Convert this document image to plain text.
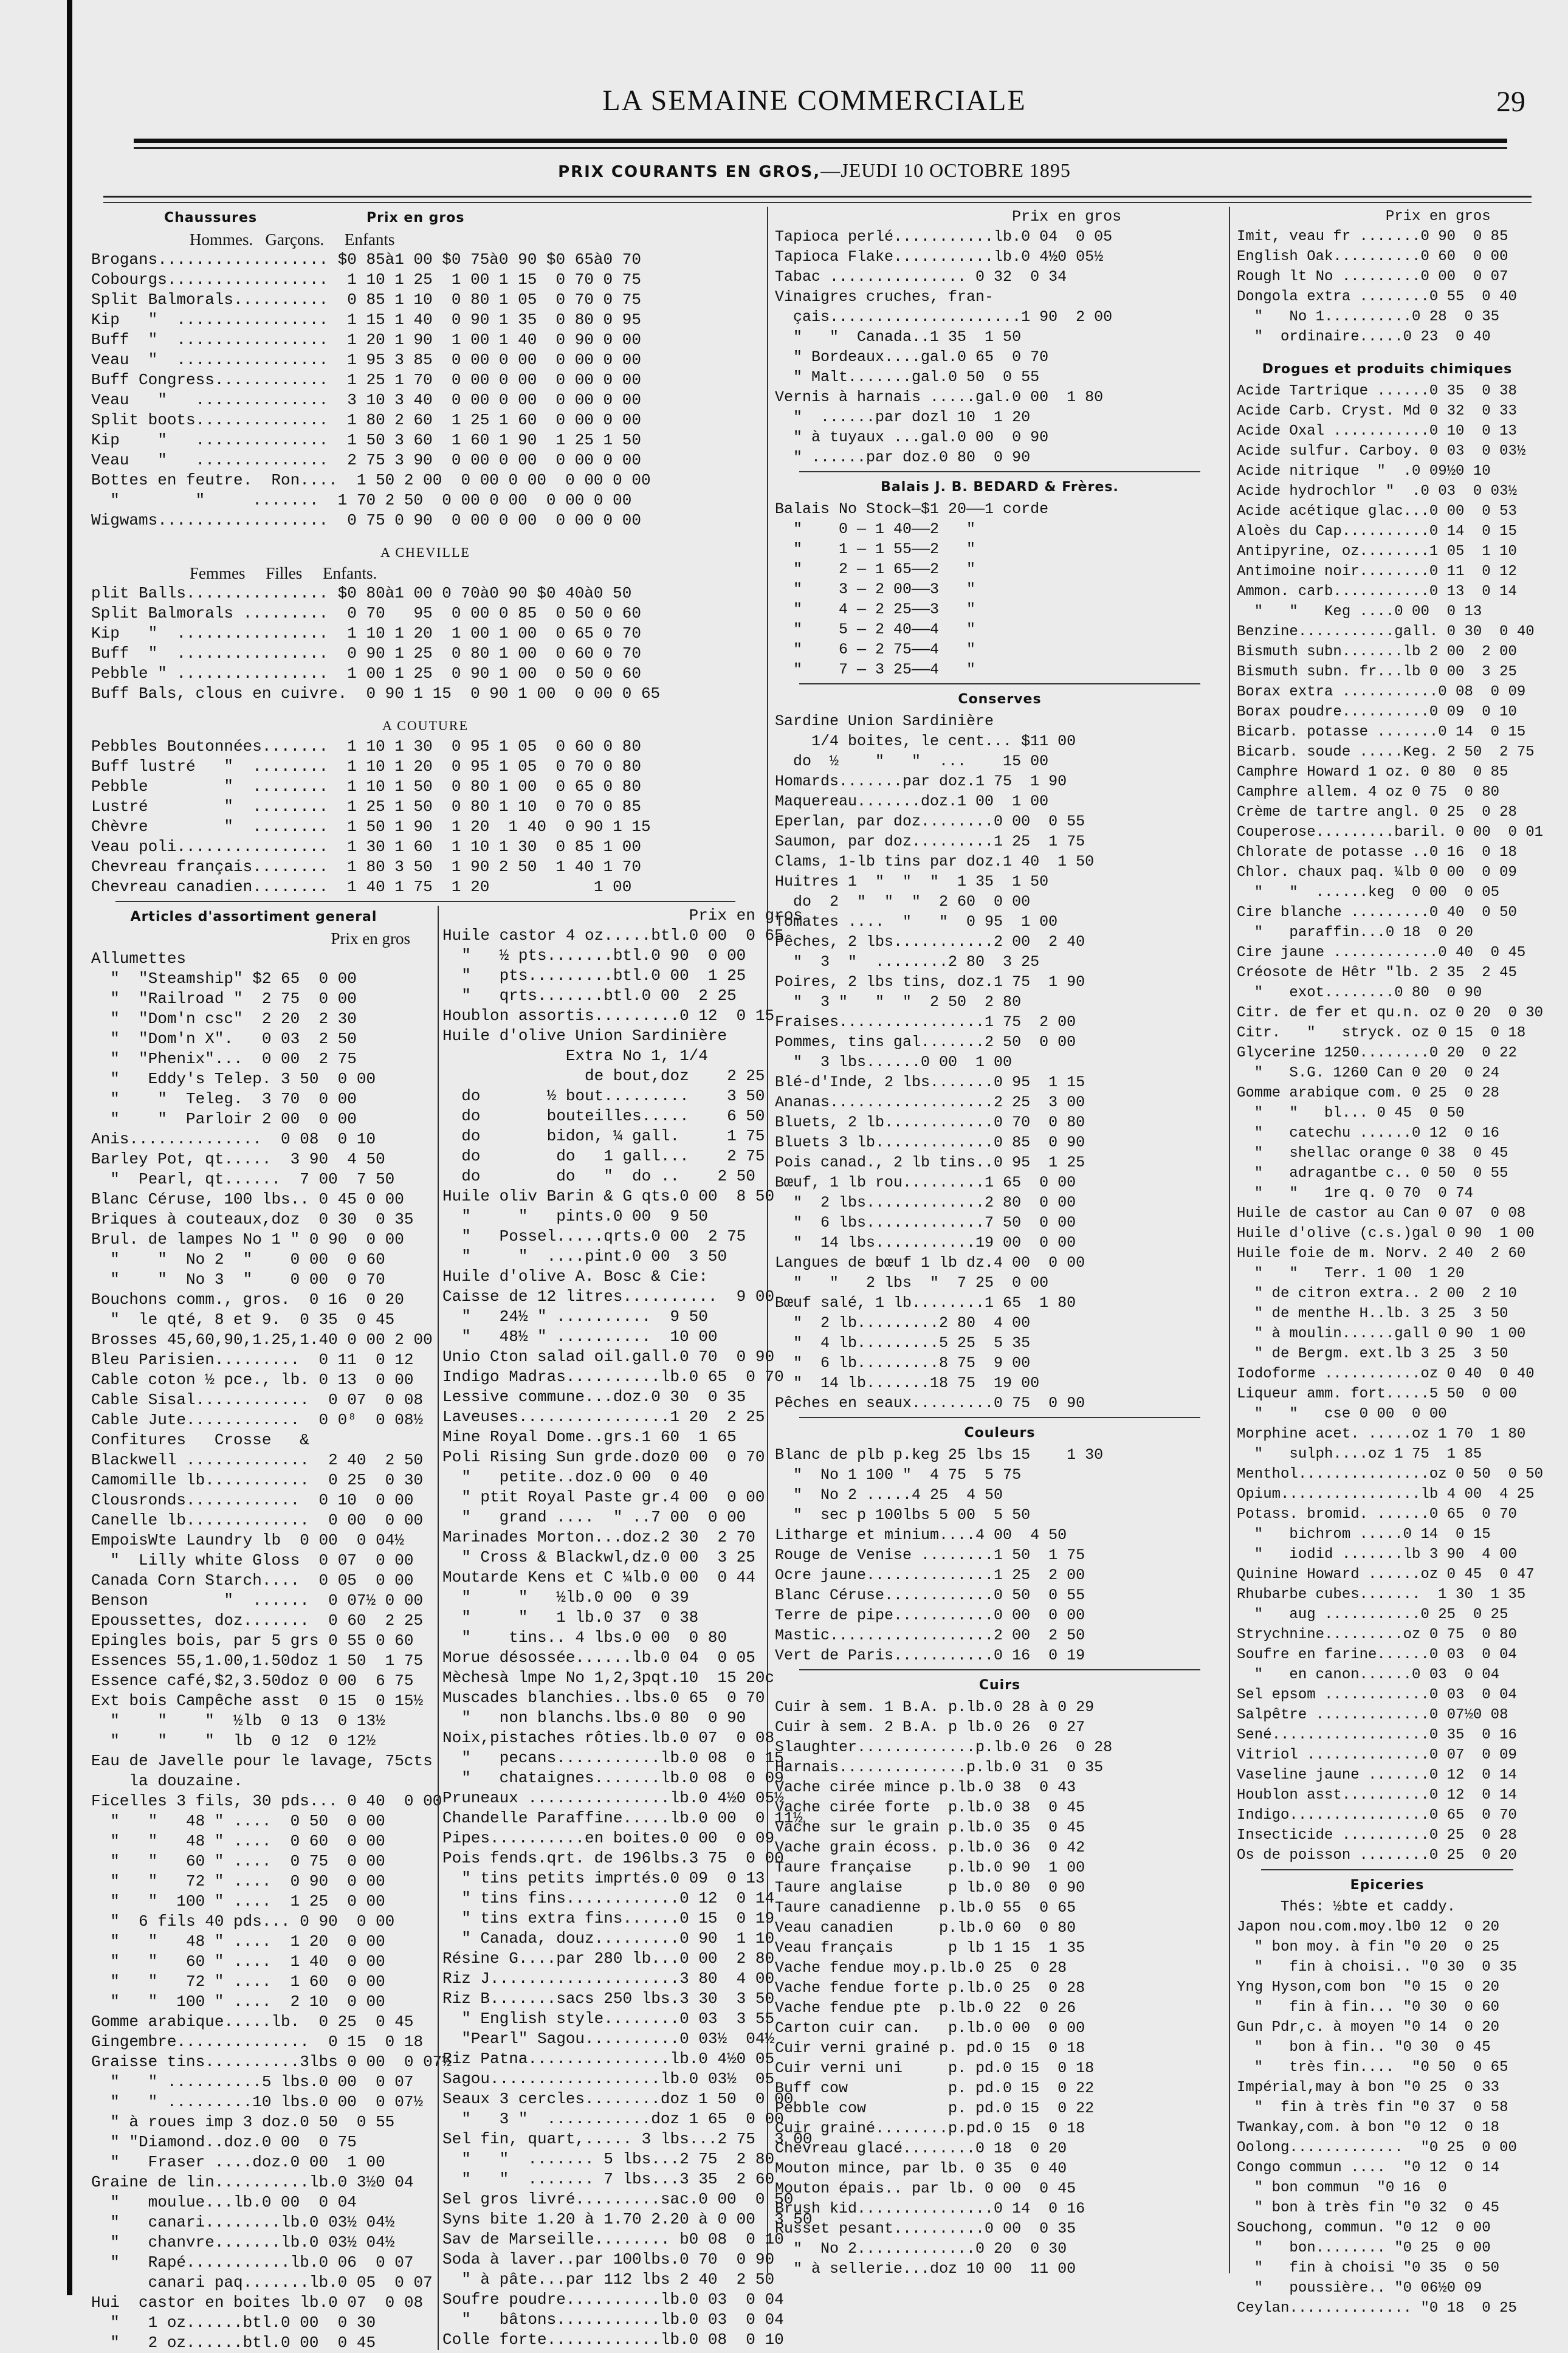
LA SEMAINE COMMERCIALE	29
PRIX COURANTS EN GROS,—JEUDI 10 OCTOBRE 1895
Chaussures	Prix en gros
Hommes.   Garçons.     Enfants
Brogans.................. $0 85à1 00 $0 75à0 90 $0 65à0 70
Cobourgs.................  1 10 1 25  1 00 1 15  0 70 0 75
Split Balmorals..........  0 85 1 10  0 80 1 05  0 70 0 75
Kip   "  ................  1 15 1 40  0 90 1 35  0 80 0 95
Buff  "  ................  1 20 1 90  1 00 1 40  0 90 0 00
Veau  "  ................  1 95 3 85  0 00 0 00  0 00 0 00
Buff Congress............  1 25 1 70  0 00 0 00  0 00 0 00
Veau   "   ..............  3 10 3 40  0 00 0 00  0 00 0 00
Split boots..............  1 80 2 60  1 25 1 60  0 00 0 00
Kip    "   ..............  1 50 3 60  1 60 1 90  1 25 1 50
Veau   "   ..............  2 75 3 90  0 00 0 00  0 00 0 00
Bottes en feutre.  Ron....  1 50 2 00  0 00 0 00  0 00 0 00
"        "     .......  1 70 2 50  0 00 0 00  0 00 0 00
Wigwams..................  0 75 0 90  0 00 0 00  0 00 0 00
A CHEVILLE
Femmes     Filles     Enfants.
plit Balls............... $0 80à1 00 0 70à0 90 $0 40à0 50
Split Balmorals .........  0 70   95  0 00 0 85  0 50 0 60
Kip   "  ................  1 10 1 20  1 00 1 00  0 65 0 70
Buff  "  ................  0 90 1 25  0 80 1 00  0 60 0 70
Pebble " ................  1 00 1 25  0 90 1 00  0 50 0 60
Buff Bals, clous en cuivre.  0 90 1 15  0 90 1 00  0 00 0 65
A COUTURE
Pebbles Boutonnées.......  1 10 1 30  0 95 1 05  0 60 0 80
Buff lustré   "  ........  1 10 1 20  0 95 1 05  0 70 0 80
Pebble        "  ........  1 10 1 50  0 80 1 00  0 65 0 80
Lustré        "  ........  1 25 1 50  0 80 1 10  0 70 0 85
Chèvre        "  ........  1 50 1 90  1 20  1 40  0 90 1 15
Veau poli................  1 30 1 60  1 10 1 30  0 85 1 00
Chevreau français........  1 80 3 50  1 90 2 50  1 40 1 70
Chevreau canadien........  1 40 1 75  1 20           1 00
Articles d'assortiment general
Prix en gros
Allumettes
"  "Steamship" $2 65  0 00
"  "Railroad "  2 75  0 00
"  "Dom'n csc"  2 20  2 30
"  "Dom'n X".   0 03  2 50
"  "Phenix"...  0 00  2 75
"   Eddy's Telep. 3 50  0 00
"    "  Teleg.  3 70  0 00
"    "  Parloir 2 00  0 00
Anis..............  0 08  0 10
Barley Pot, qt.....  3 90  4 50
"  Pearl, qt......  7 00  7 50
Blanc Céruse, 100 lbs.. 0 45 0 00
Briques à couteaux,doz  0 30  0 35
Brul. de lampes No 1 " 0 90  0 00
"    "  No 2  "    0 00  0 60
"    "  No 3  "    0 00  0 70
Bouchons comm., gros.  0 16  0 20
"  le qté, 8 et 9.  0 35  0 45
Brosses 45,60,90,1.25,1.40 0 00 2 00
Bleu Parisien.........  0 11  0 12
Cable coton ½ pce., lb. 0 13  0 00
Cable Sisal............  0 07  0 08
Cable Jute............  0 0⁸  0 08½
Confitures   Crosse   &
Blackwell .............  2 40  2 50
Camomille lb...........  0 25  0 30
Clousronds............  0 10  0 00
Canelle lb.............  0 00  0 00
EmpoisWte Laundry lb  0 00  0 04½
"  Lilly white Gloss  0 07  0 00
Canada Corn Starch....  0 05  0 00
Benson        "  ......  0 07½ 0 00
Epoussettes, doz.......  0 60  2 25
Epingles bois, par 5 grs 0 55 0 60
Essences 55,1.00,1.50doz 1 50  1 75
Essence café,$2,3.50doz 0 00  6 75
Ext bois Campêche asst  0 15  0 15½
"    "    "  ½lb  0 13  0 13½
"    "    "  lb  0 12  0 12½
Eau de Javelle pour le lavage, 75cts
la douzaine.
Ficelles 3 fils, 30 pds... 0 40  0 00
"   "   48 " ....  0 50  0 00
"   "   48 " ....  0 60  0 00
"   "   60 " ....  0 75  0 00
"   "   72 " ....  0 90  0 00
"   "  100 " ....  1 25  0 00
"  6 fils 40 pds... 0 90  0 00
"   "   48 " ....  1 20  0 00
"   "   60 " ....  1 40  0 00
"   "   72 " ....  1 60  0 00
"   "  100 " ....  2 10  0 00
Gomme arabique.....lb.  0 25  0 45
Gingembre..............  0 15  0 18
Graisse tins..........3lbs 0 00  0 07½
"   " ..........5 lbs.0 00  0 07
"   " .........10 lbs.0 00  0 07½
" à roues imp 3 doz.0 50  0 55
" "Diamond..doz.0 00  0 75
"   Fraser ....doz.0 00  1 00
Graine de lin..........lb.0 3½0 04
"   moulue...lb.0 00  0 04
"   canari........lb.0 03½ 04½
"   chanvre.......lb.0 03½ 04½
"   Rapé...........lb.0 06  0 07
canari paq.......lb.0 05  0 07
Hui  castor en boites lb.0 07  0 08
"   1 oz......btl.0 00  0 30
"   2 oz......btl.0 00  0 45
Prix en gros
Huile castor 4 oz.....btl.0 00  0 65
"   ½ pts.......btl.0 90  0 00
"   pts.........btl.0 00  1 25
"   qrts.......btl.0 00  2 25
Houblon assortis.........0 12  0 15
Huile d'olive Union Sardinière
Extra No 1, 1/4
de bout,doz    2 25
do       ½ bout.........    3 50
do       bouteilles.....    6 50
do       bidon, ¼ gall.     1 75
do        do   1 gall...    2 75
do        do   "  do ..    2 50
Huile oliv Barin & G qts.0 00  8 50
"     "   pints.0 00  9 50
"   Possel.....qrts.0 00  2 75
"     "  ....pint.0 00  3 50
Huile d'olive A. Bosc & Cie:
Caisse de 12 litres..........  9 00
"   24½ " ..........  9 50
"   48½ " ..........  10 00
Unio Cton salad oil.gall.0 70  0 90
Indigo Madras..........lb.0 65  0 70
Lessive commune...doz.0 30  0 35
Laveuses................1 20  2 25
Mine Royal Dome..grs.1 60  1 65
Poli Rising Sun grde.doz0 00  0 70
"   petite..doz.0 00  0 40
" ptit Royal Paste gr.4 00  0 00
"   grand ....  " ..7 00  0 00
Marinades Morton...doz.2 30  2 70
" Cross & Blackwl,dz.0 00  3 25
Moutarde Kens et C ¼lb.0 00  0 44
"     "   ½lb.0 00  0 39
"     "   1 lb.0 37  0 38
"    tins.. 4 lbs.0 00  0 80
Morue désossée......lb.0 04  0 05
Mèchesà lmpe No 1,2,3pqt.10  15 20c
Muscades blanchies..lbs.0 65  0 70
"   non blanchs.lbs.0 80  0 90
Noix,pistaches rôties.lb.0 07  0 08
"   pecans...........lb.0 08  0 15
"   chataignes.......lb.0 08  0 09
Pruneaux ...............lb.0 4½0 05½
Chandelle Paraffine.....lb.0 00  0 11½
Pipes..........en boites.0 00  0 09
Pois fends.qrt. de 196lbs.3 75  0 00
" tins petits imprtés.0 09  0 13
" tins fins............0 12  0 14
" tins extra fins......0 15  0 19
" Canada, douz.........0 90  1 10
Résine G....par 280 lb...0 00  2 80
Riz J....................3 80  4 00
Riz B.......sacs 250 lbs.3 30  3 50
" English style........0 03  3 55
"Pearl" Sagou..........0 03½  04½
Riz Patna...............lb.0 4½0 05
Sagou..................lb.0 03½  05
Seaux 3 cercles........doz 1 50  0 00
"   3 "  ...........doz 1 65  0 00
Sel fin, quart,..... 3 lbs...2 75  3 00
"   "  ....... 5 lbs...2 75  2 80
"   "  ....... 7 lbs...3 35  2 60
Sel gros livré.........sac.0 00  0 50
Syns bite 1.20 à 1.70 2.20 à 0 00  3 50
Sav de Marseille........ b0 08  0 10
Soda à laver..par 100lbs.0 70  0 90
" à pâte...par 112 lbs 2 40  2 50
Soufre poudre..........lb.0 03  0 04
"   bâtons...........lb.0 03  0 04
Colle forte............lb.0 08  0 10
Prix en gros
Tapioca perlé...........lb.0 04  0 05
Tapioca Flake...........lb.0 4½0 05½
Tabac ............... 0 32  0 34
Vinaigres cruches, fran-
çais.....................1 90  2 00
"   "  Canada..1 35  1 50
" Bordeaux....gal.0 65  0 70
" Malt.......gal.0 50  0 55
Vernis à harnais .....gal.0 00  1 80
"  ......par dozl 10  1 20
" à tuyaux ...gal.0 00  0 90
" ......par doz.0 80  0 90
Balais J. B. BEDARD & Frères.
Balais No Stock—$1 20——1 corde
"    0 — 1 40——2   "
"    1 — 1 55——2   "
"    2 — 1 65——2   "
"    3 — 2 00——3   "
"    4 — 2 25——3   "
"    5 — 2 40——4   "
"    6 — 2 75——4   "
"    7 — 3 25——4   "
Conserves
Sardine Union Sardinière
1/4 boites, le cent... $11 00
do  ½    "   "  ...    15 00
Homards.......par doz.1 75  1 90
Maquereau.......doz.1 00  1 00
Eperlan, par doz........0 00  0 55
Saumon, par doz.........1 25  1 75
Clams, 1-lb tins par doz.1 40  1 50
Huitres 1  "  "  "  1 35  1 50
do  2  "  "  "  2 60  0 00
Tomates ....  "   "  0 95  1 00
Pêches, 2 lbs...........2 00  2 40
"  3  "  ........2 80  3 25
Poires, 2 lbs tins, doz.1 75  1 90
"  3 "   "  "  2 50  2 80
Fraises................1 75  2 00
Pommes, tins gal.......2 50  0 00
"  3 lbs......0 00  1 00
Blé-d'Inde, 2 lbs.......0 95  1 15
Ananas..................2 25  3 00
Bluets, 2 lb............0 70  0 80
Bluets 3 lb.............0 85  0 90
Pois canad., 2 lb tins..0 95  1 25
Bœuf, 1 lb rou.........1 65  0 00
"  2 lbs.............2 80  0 00
"  6 lbs.............7 50  0 00
"  14 lbs...........19 00  0 00
Langues de bœuf 1 lb dz.4 00  0 00
"   "   2 lbs  "  7 25  0 00
Bœuf salé, 1 lb........1 65  1 80
"  2 lb.........2 80  4 00
"  4 lb.........5 25  5 35
"  6 lb.........8 75  9 00
"  14 lb.......18 75  19 00
Pêches en seaux.........0 75  0 90
Couleurs
Blanc de plb p.keg 25 lbs 15    1 30
"  No 1 100 "  4 75  5 75
"  No 2 .....4 25  4 50
"  sec p 100lbs 5 00  5 50
Litharge et minium....4 00  4 50
Rouge de Venise ........1 50  1 75
Ocre jaune..............1 25  2 00
Blanc Céruse............0 50  0 55
Terre de pipe...........0 00  0 00
Mastic..................2 00  2 50
Vert de Paris...........0 16  0 19
Cuirs
Cuir à sem. 1 B.A. p.lb.0 28 à 0 29
Cuir à sem. 2 B.A. p lb.0 26  0 27
Slaughter.............p.lb.0 26  0 28
Harnais..............p.lb.0 31  0 35
Vache cirée mince p.lb.0 38  0 43
Vache cirée forte  p.lb.0 38  0 45
Vache sur le grain p.lb.0 35  0 45
Vache grain écoss. p.lb.0 36  0 42
Taure française    p.lb.0 90  1 00
Taure anglaise     p lb.0 80  0 90
Taure canadienne  p.lb.0 55  0 65
Veau canadien     p.lb.0 60  0 80
Veau français      p lb 1 15  1 35
Vache fendue moy.p.lb.0 25  0 28
Vache fendue forte p.lb.0 25  0 28
Vache fendue pte  p.lb.0 22  0 26
Carton cuir can.   p.lb.0 00  0 00
Cuir verni grainé p. pd.0 15  0 18
Cuir verni uni     p. pd.0 15  0 18
Buff cow           p. pd.0 15  0 22
Pebble cow         p. pd.0 15  0 22
Cuir grainé........p.pd.0 15  0 18
Chevreau glacé........0 18  0 20
Mouton mince, par lb. 0 35  0 40
Mouton épais.. par lb. 0 00  0 45
Brush kid...............0 14  0 16
Russet pesant..........0 00  0 35
"  No 2.............0 20  0 30
" à sellerie...doz 10 00  11 00
Prix en gros
Imit, veau fr .......0 90  0 85
English Oak..........0 60  0 00
Rough lt No .........0 00  0 07
Dongola extra ........0 55  0 40
"   No 1..........0 28  0 35
"  ordinaire.....0 23  0 40
Drogues et produits chimiques
Acide Tartrique ......0 35  0 38
Acide Carb. Cryst. Md 0 32  0 33
Acide Oxal ...........0 10  0 13
Acide sulfur. Carboy. 0 03  0 03½
Acide nitrique  "  .0 09½0 10
Acide hydrochlor "  .0 03  0 03½
Acide acétique glac...0 00  0 53
Aloès du Cap..........0 14  0 15
Antipyrine, oz........1 05  1 10
Antimoine noir........0 11  0 12
Ammon. carb...........0 13  0 14
"   "   Keg ....0 00  0 13
Benzine...........gall. 0 30  0 40
Bismuth subn.......lb 2 00  2 00
Bismuth subn. fr...lb 0 00  3 25
Borax extra ...........0 08  0 09
Borax poudre..........0 09  0 10
Bicarb. potasse .......0 14  0 15
Bicarb. soude .....Keg. 2 50  2 75
Camphre Howard 1 oz. 0 80  0 85
Camphre allem. 4 oz 0 75  0 80
Crème de tartre angl. 0 25  0 28
Couperose.........baril. 0 00  0 01
Chlorate de potasse ..0 16  0 18
Chlor. chaux paq. ¼lb 0 00  0 09
"   "  ......keg  0 00  0 05
Cire blanche .........0 40  0 50
"   paraffin...0 18  0 20
Cire jaune ............0 40  0 45
Créosote de Hêtr "lb. 2 35  2 45
"   exot........0 80  0 90
Citr. de fer et qu.n. oz 0 20  0 30
Citr.   "   stryck. oz 0 15  0 18
Glycerine 1250........0 20  0 22
"   S.G. 1260 Can 0 20  0 24
Gomme arabique com. 0 25  0 28
"   "   bl... 0 45  0 50
"   catechu ......0 12  0 16
"   shellac orange 0 38  0 45
"   adragantbe c.. 0 50  0 55
"   "   1re q. 0 70  0 74
Huile de castor au Can 0 07  0 08
Huile d'olive (c.s.)gal 0 90  1 00
Huile foie de m. Norv. 2 40  2 60
"   "   Terr. 1 00  1 20
" de citron extra.. 2 00  2 10
" de menthe H..lb. 3 25  3 50
" à moulin......gall 0 90  1 00
" de Bergm. ext.lb 3 25  3 50
Iodoforme ...........oz 0 40  0 40
Liqueur amm. fort.....5 50  0 00
"   "   cse 0 00  0 00
Morphine acet. .....oz 1 70  1 80
"   sulph....oz 1 75  1 85
Menthol...............oz 0 50  0 50
Opium................lb 4 00  4 25
Potass. bromid. ......0 65  0 70
"   bichrom .....0 14  0 15
"   iodid .......lb 3 90  4 00
Quinine Howard ......oz 0 45  0 47
Rhubarbe cubes.......  1 30  1 35
"   aug ...........0 25  0 25
Strychnine.........oz 0 75  0 80
Soufre en farine......0 03  0 04
"   en canon......0 03  0 04
Sel epsom ............0 03  0 04
Salpêtre .............0 07½0 08
Sené..................0 35  0 16
Vitriol ..............0 07  0 09
Vaseline jaune .......0 12  0 14
Houblon asst..........0 12  0 14
Indigo................0 65  0 70
Insecticide ..........0 25  0 28
Os de poisson ........0 25  0 20
Epiceries
Thés: ½bte et caddy.
Japon nou.com.moy.lb0 12  0 20
" bon moy. à fin "0 20  0 25
"   fin à choisi.. "0 30  0 35
Yng Hyson,com bon  "0 15  0 20
"   fin à fin... "0 30  0 60
Gun Pdr,c. à moyen "0 14  0 20
"   bon à fin.. "0 30  0 45
"   très fin....  "0 50  0 65
Impérial,may à bon "0 25  0 33
"  fin à très fin "0 37  0 58
Twankay,com. à bon "0 12  0 18
Oolong.............  "0 25  0 00
Congo commun ....  "0 12  0 14
" bon commun  "0 16  0
" bon à très fin "0 32  0 45
Souchong, commun. "0 12  0 00
"   bon........ "0 25  0 00
"   fin à choisi "0 35  0 50
"   poussière.. "0 06½0 09
Ceylan.............. "0 18  0 25
